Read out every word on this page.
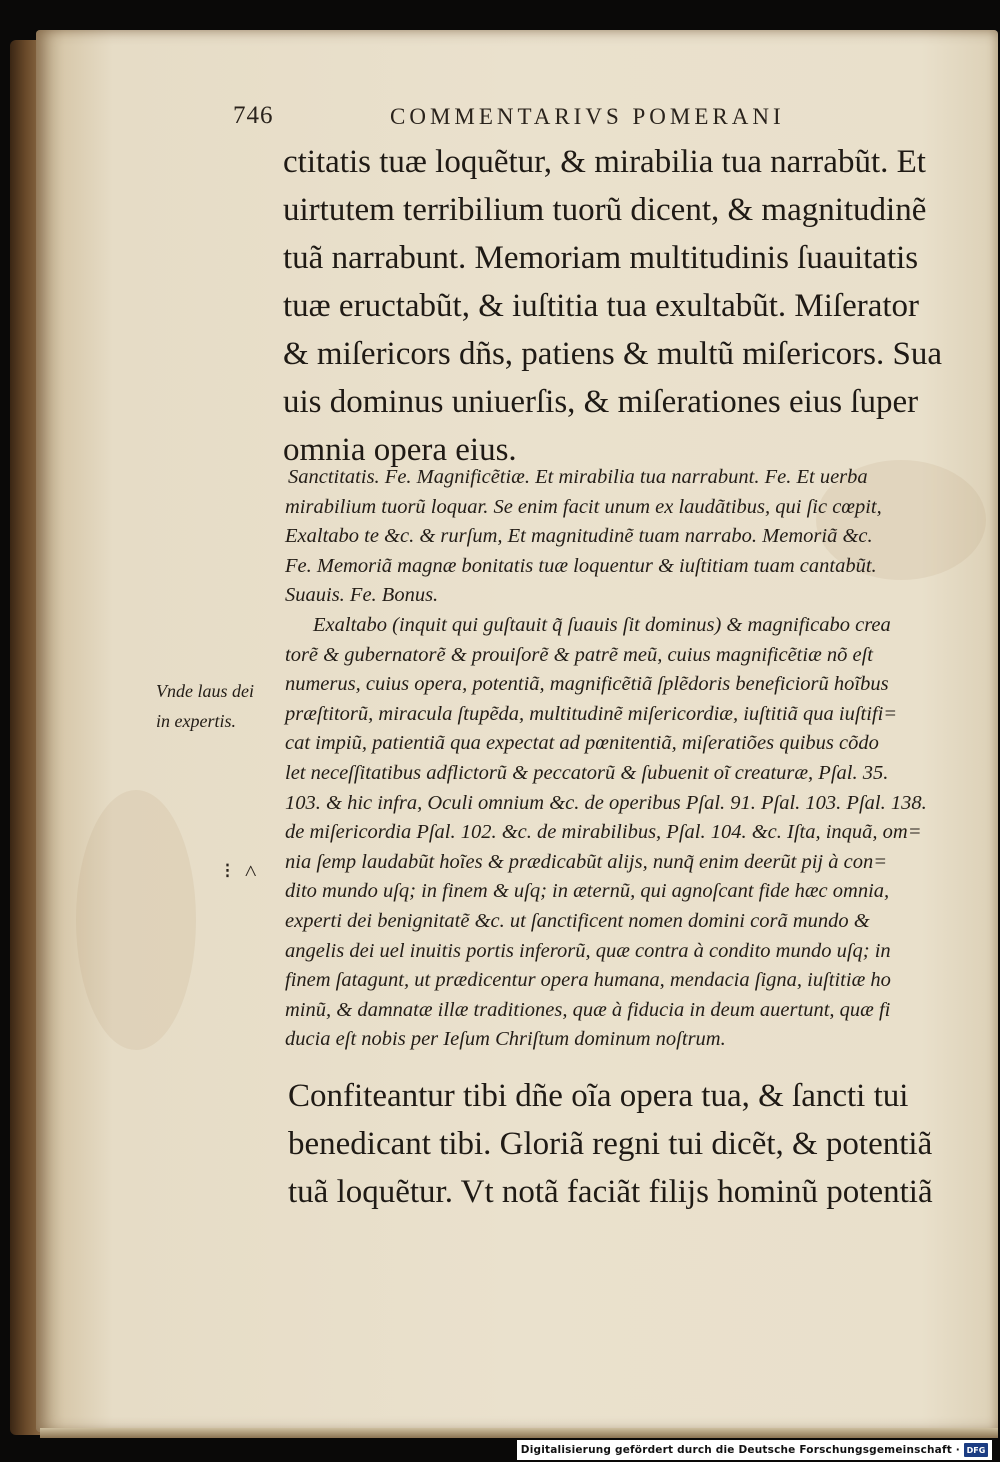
746	COMMENTARIVS POMERANI
ctitatis tuæ loquẽtur, & mirabilia tua narrabũt. Et
uirtutem terribilium tuorũ dicent, & magnitudinẽ
tuã narrabunt. Memoriam multitudinis ſuauitatis
tuæ eructabũt, & iuſtitia tua exultabũt. Miſerator
& miſericors dñs, patiens & multũ miſericors. Sua
uis dominus uniuerſis, & miſerationes eius ſuper
omnia opera eius.
Sanctitatis. Fe. Magnificẽtiæ. Et mirabilia tua narrabunt. Fe. Et uerba
mirabilium tuorũ loquar. Se enim facit unum ex laudãtibus, qui ſic cœpit,
Exaltabo te &c. & rurſum, Et magnitudinẽ tuam narrabo. Memoriã &c.
Fe. Memoriã magnæ bonitatis tuæ loquentur & iuſtitiam tuam cantabũt.
Suauis. Fe. Bonus.
Exaltabo (inquit qui guſtauit q̃ ſuauis ſit dominus) & magnificabo crea
torẽ & gubernatorẽ & prouiſorẽ & patrẽ meũ, cuius magnificẽtiæ nõ eſt
numerus, cuius opera, potentiã, magnificẽtiã ſplẽdoris beneficiorũ hoĩbus
præſtitorũ, miracula ſtupẽda, multitudinẽ miſericordiæ, iuſtitiã qua iuſtifi=
cat impiũ, patientiã qua expectat ad pœnitentiã, miſeratiões quibus cõdo
let neceſſitatibus adflictorũ & peccatorũ & ſubuenit oĩ creaturæ, Pſal. 35.
103. & hic infra, Oculi omnium &c. de operibus Pſal. 91. Pſal. 103. Pſal. 138.
de miſericordia Pſal. 102. &c. de mirabilibus, Pſal. 104. &c. Iſta, inquã, om=
nia ſemp laudabũt hoĩes & prædicabũt alijs, nunq̃ enim deerũt pij à con=
dito mundo uſq; in finem & uſq; in æternũ, qui agnoſcant fide hæc omnia,
experti dei benignitatẽ &c. ut ſanctificent nomen domini corã mundo &
angelis dei uel inuitis portis inferorũ, quæ contra à condito mundo uſq; in
finem ſatagunt, ut prædicentur opera humana, mendacia ſigna, iuſtitiæ ho
minũ, & damnatæ illæ traditiones, quæ à fiducia in deum auertunt, quæ fi
ducia eſt nobis per Ieſum Chriſtum dominum noſtrum.
Vnde laus dei
in expertis.
⁝ ˄
Confiteantur tibi dñe oĩa opera tua, & ſancti tui
benedicant tibi. Gloriã regni tui dicẽt, & potentiã
tuã loquẽtur. Vt notã faciãt filijs hominũ potentiã
Digitalisierung gefördert durch die Deutsche Forschungsgemeinschaft · DFG
